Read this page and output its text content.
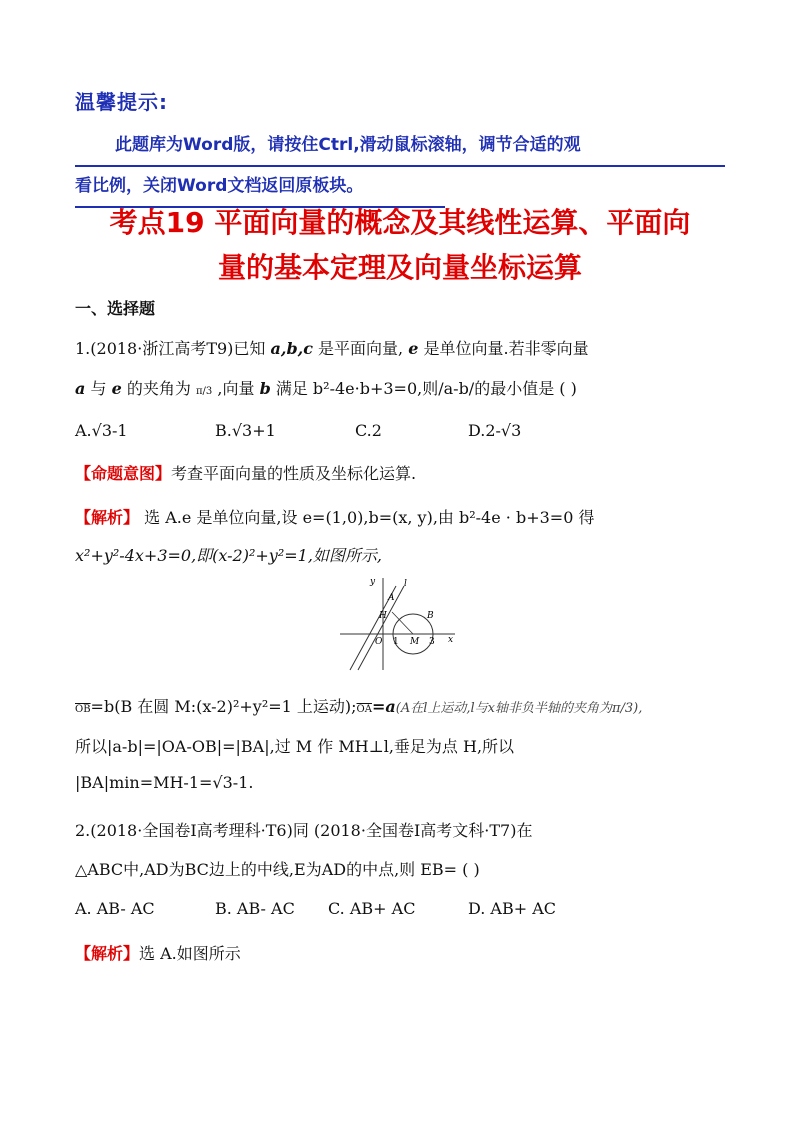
温馨提示:
此题库为Word版，请按住Ctrl,滑动鼠标滚轴，调节合适的观
看比例，关闭Word文档返回原板块。
考点19 平面向量的概念及其线性运算、平面向
量的基本定理及向量坐标运算
一、选择题
1.(2018·浙江高考T9)已知 a,b,c 是平面向量, e 是单位向量.若非零向量
a 与 e 的夹角为 π/3 ,向量 b 满足 b²-4e·b+3=0,则/a-b/的最小值是 ( )
A.√3-1	B.√3+1	C.2	D.2-√3
【命题意图】考查平面向量的性质及坐标化运算.
【解析】 选 A.e 是单位向量,设 e=(1,0),b=(x, y),由 b²-4e · b+3=0 得
x²+y²-4x+3=0,即(x-2)²+y²=1,如图所示,
y	l
A
H	B
O 1 M 3 x
$\overline{OB}=b(B$ 在圆 M:(x-2)²+y²=1 上运动)$;\overline{OA}=a(A$在l上运动,l与x轴非负半轴的夹角为π/3),
所以|a-b|=|OA-OB|=|BA|,过 M 作 MH⊥l,垂足为点 H,所以
|BA|min=MH-1=√3-1.
2.(2018·全国卷Ⅰ高考理科·T6)同 (2018·全国卷Ⅰ高考文科·T7)在
△ABC中,AD为BC边上的中线,E为AD的中点,则 EB= ( )
A. AB- AC	B. AB- AC C. AB+ AC	D. AB+ AC
【解析】选 A.如图所示
